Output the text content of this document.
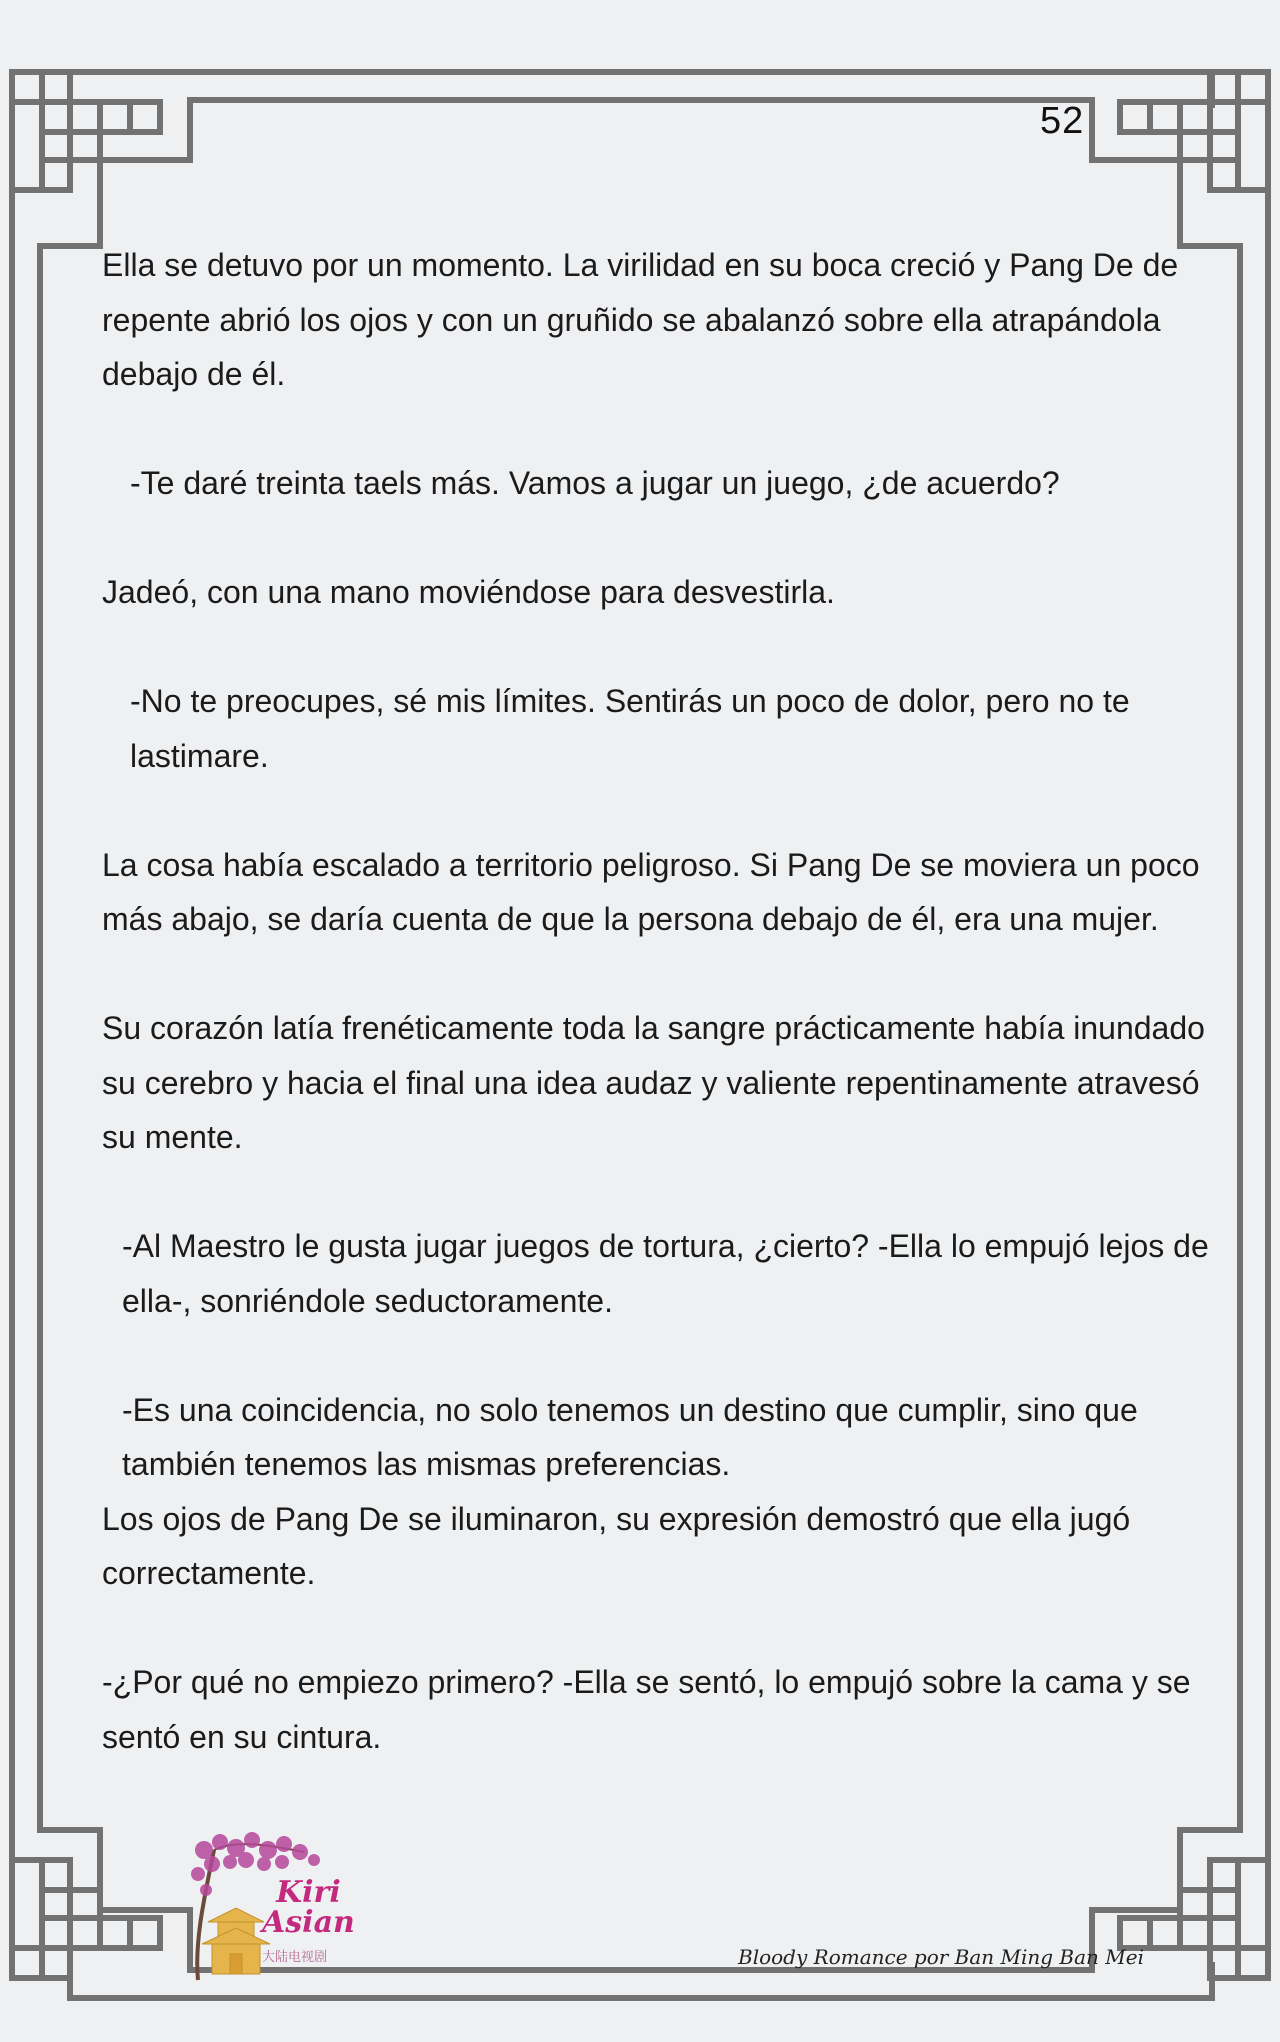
52

Ella se detuvo por un momento. La virilidad en su boca creció y Pang De de repente abrió los ojos y con un gruñido se abalanzó sobre ella atrapándola debajo de él.

-Te daré treinta taels más. Vamos a jugar un juego, ¿de acuerdo?

Jadeó, con una mano moviéndose para desvestirla.

-No te preocupes, sé mis límites. Sentirás un poco de dolor, pero no te lastimare.

La cosa había escalado a territorio peligroso. Si Pang De se moviera un poco más abajo, se daría cuenta de que la persona debajo de él, era una mujer.

Su corazón latía frenéticamente toda la sangre prácticamente había inundado su cerebro y hacia el final una idea audaz y valiente repentinamente atravesó su mente.

-Al Maestro le gusta jugar juegos de tortura, ¿cierto? -Ella lo empujó lejos de ella-, sonriéndole seductoramente.

-Es una coincidencia, no solo tenemos un destino que cumplir, sino que también tenemos las mismas preferencias.

Los ojos de Pang De se iluminaron, su expresión demostró que ella jugó correctamente.

-¿Por qué no empiezo primero? -Ella se sentó, lo empujó sobre la cama y se sentó en su cintura.

Kiri
Asian
大陆电视剧	Bloody Romance por Ban Ming Ban Mei
